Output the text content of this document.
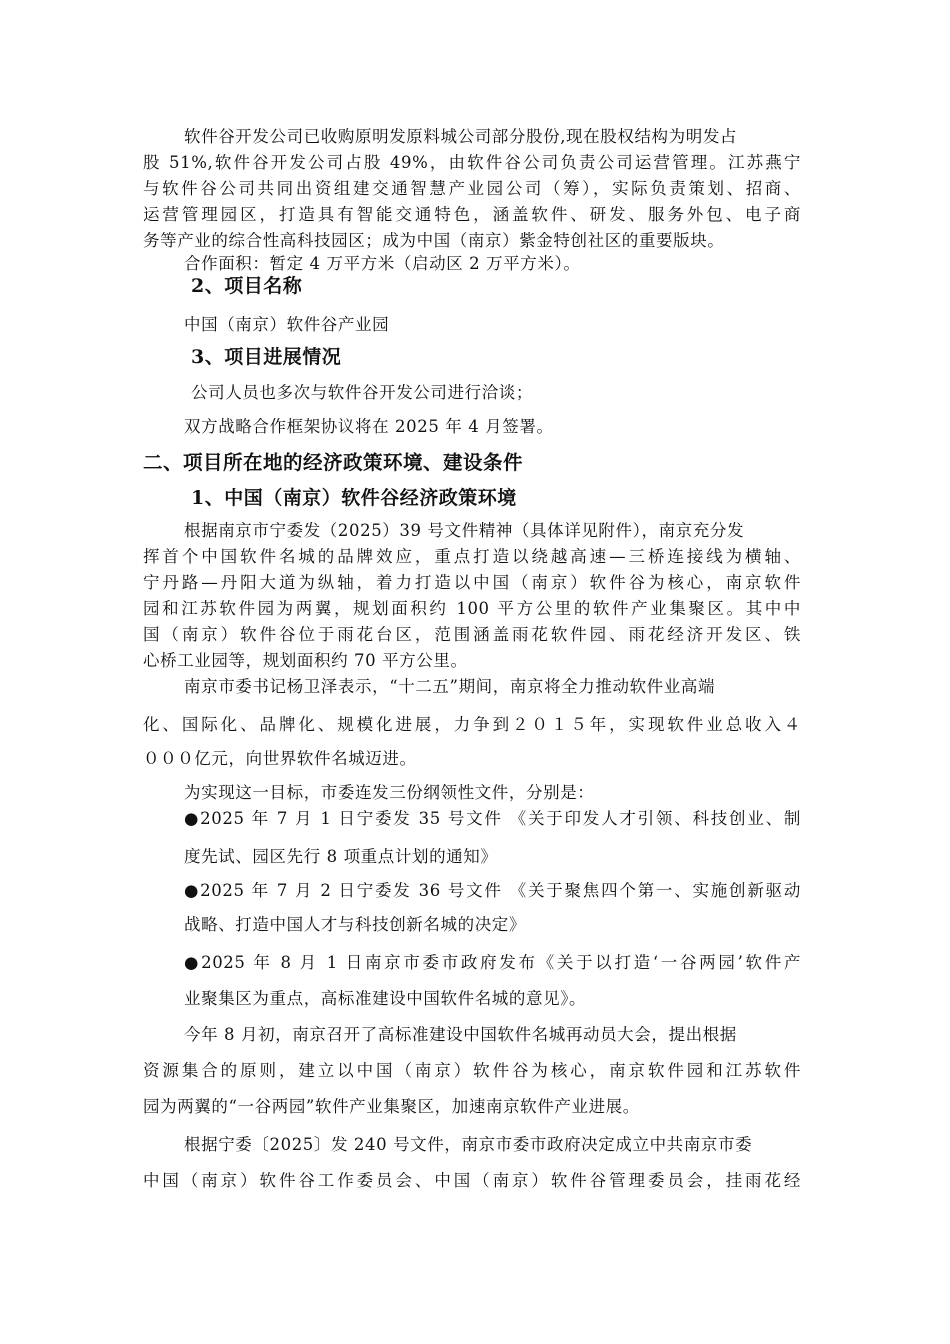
软件谷开发公司已收购原明发原料城公司部分股份,现在股权结构为明发占
股 51%,软件谷开发公司占股 49%，由软件谷公司负责公司运营管理。江苏燕宁
与软件谷公司共同出资组建交通智慧产业园公司（筹），实际负责策划、招商、
运营管理园区，打造具有智能交通特色，涵盖软件、研发、服务外包、电子商
务等产业的综合性高科技园区；成为中国（南京）紫金特创社区的重要版块。
合作面积：暂定 4 万平方米（启动区 2 万平方米）。
2、项目名称
中国（南京）软件谷产业园
3、项目进展情况
公司人员也多次与软件谷开发公司进行洽谈；
双方战略合作框架协议将在 2025 年 4 月签署。
二、项目所在地的经济政策环境、建设条件
1、中国（南京）软件谷经济政策环境
根据南京市宁委发（2025）39 号文件精神（具体详见附件），南京充分发
挥首个中国软件名城的品牌效应，重点打造以绕越高速—三桥连接线为横轴、
宁丹路—丹阳大道为纵轴，着力打造以中国（南京）软件谷为核心，南京软件
园和江苏软件园为两翼，规划面积约 100 平方公里的软件产业集聚区。其中中
国（南京）软件谷位于雨花台区，范围涵盖雨花软件园、雨花经济开发区、铁
心桥工业园等，规划面积约 70 平方公里。
南京市委书记杨卫泽表示，“十二五”期间，南京将全力推动软件业高端
化、国际化、品牌化、规模化进展，力争到２０１５年，实现软件业总收入４
０００亿元，向世界软件名城迈进。
为实现这一目标，市委连发三份纲领性文件，分别是：
●2025 年 7 月 1 日宁委发 35 号文件 《关于印发人才引领、科技创业、制
度先试、园区先行 8 项重点计划的通知》
●2025 年 7 月 2 日宁委发 36 号文件 《关于聚焦四个第一、实施创新驱动
战略、打造中国人才与科技创新名城的决定》
●2025 年 8 月 1 日南京市委市政府发布《关于以打造‘一谷两园’软件产
业聚集区为重点，高标准建设中国软件名城的意见》。
今年 8 月初，南京召开了高标准建设中国软件名城再动员大会，提出根据
资源集合的原则，建立以中国（南京）软件谷为核心，南京软件园和江苏软件
园为两翼的“一谷两园”软件产业集聚区，加速南京软件产业进展。
根据宁委〔2025〕发 240 号文件，南京市委市政府决定成立中共南京市委
中国（南京）软件谷工作委员会、中国（南京）软件谷管理委员会，挂雨花经
